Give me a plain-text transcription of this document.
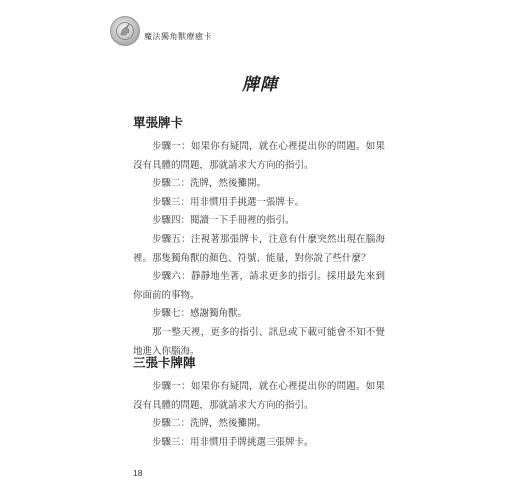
魔法獨角獸療癒卡
牌陣
單張牌卡

步驟一：如果你有疑問，就在心裡提出你的問題。如果沒有具體的問題，那就請求大方向的指引。

步驟二：洗牌，然後攤開。

步驟三：用非慣用手挑選一張牌卡。

步驟四：閱讀一下手冊裡的指引。

步驟五：注視著那張牌卡，注意有什麼突然出現在腦海裡。那隻獨角獸的顏色、符號、能量，對你說了些什麼？

步驟六：靜靜地坐著，請求更多的指引。採用最先來到你面前的事物。

步驟七：感謝獨角獸。

那一整天裡，更多的指引、訊息或下載可能會不知不覺地進入你腦海。

三張卡牌陣

步驟一：如果你有疑問，就在心裡提出你的問題。如果沒有具體的問題，那就請求大方向的指引。

步驟二：洗牌，然後攤開。

步驟三：用非慣用手牌挑選三張牌卡。

18
